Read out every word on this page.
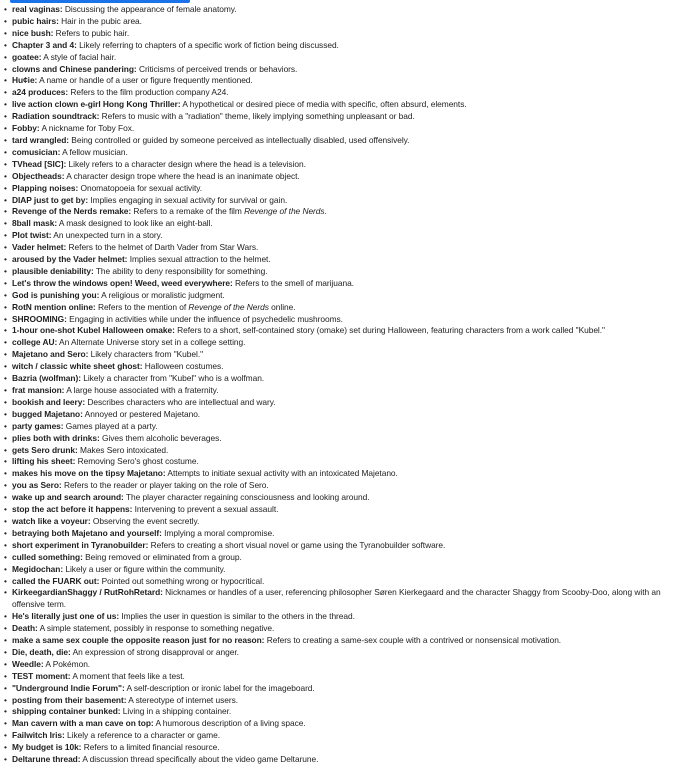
• real vaginas: Discussing the appearance of female anatomy.
• pubic hairs: Hair in the pubic area.
• nice bush: Refers to pubic hair.
• Chapter 3 and 4: Likely referring to chapters of a specific work of fiction being discussed.
• goatee: A style of facial hair.
• clowns and Chinese pandering: Criticisms of perceived trends or behaviors.
• Hu¢ie: A name or handle of a user or figure frequently mentioned.
• a24 produces: Refers to the film production company A24.
• live action clown e-girl Hong Kong Thriller: A hypothetical or desired piece of media with specific, often absurd, elements.
• Radiation soundtrack: Refers to music with a "radiation" theme, likely implying something unpleasant or bad.
• Fobby: A nickname for Toby Fox.
• tard wrangled: Being controlled or guided by someone perceived as intellectually disabled, used offensively.
• comusician: A fellow musician.
• TVhead [SIC]: Likely refers to a character design where the head is a television.
• Objectheads: A character design trope where the head is an inanimate object.
• Plapping noises: Onomatopoeia for sexual activity.
• DIAP just to get by: Implies engaging in sexual activity for survival or gain.
• Revenge of the Nerds remake: Refers to a remake of the film Revenge of the Nerds.
• 8ball mask: A mask designed to look like an eight-ball.
• Plot twist: An unexpected turn in a story.
• Vader helmet: Refers to the helmet of Darth Vader from Star Wars.
• aroused by the Vader helmet: Implies sexual attraction to the helmet.
• plausible deniability: The ability to deny responsibility for something.
• Let's throw the windows open! Weed, weed everywhere: Refers to the smell of marijuana.
• God is punishing you: A religious or moralistic judgment.
• RotN mention online: Refers to the mention of Revenge of the Nerds online.
• SHROOMING: Engaging in activities while under the influence of psychedelic mushrooms.
• 1-hour one-shot Kubel Halloween omake: Refers to a short, self-contained story (omake) set during Halloween, featuring characters from a work called "Kubel."
• college AU: An Alternate Universe story set in a college setting.
• Majetano and Sero: Likely characters from "Kubel."
• witch / classic white sheet ghost: Halloween costumes.
• Bazria (wolfman): Likely a character from "Kubel" who is a wolfman.
• frat mansion: A large house associated with a fraternity.
• bookish and leery: Describes characters who are intellectual and wary.
• bugged Majetano: Annoyed or pestered Majetano.
• party games: Games played at a party.
• plies both with drinks: Gives them alcoholic beverages.
• gets Sero drunk: Makes Sero intoxicated.
• lifting his sheet: Removing Sero's ghost costume.
• makes his move on the tipsy Majetano: Attempts to initiate sexual activity with an intoxicated Majetano.
• you as Sero: Refers to the reader or player taking on the role of Sero.
• wake up and search around: The player character regaining consciousness and looking around.
• stop the act before it happens: Intervening to prevent a sexual assault.
• watch like a voyeur: Observing the event secretly.
• betraying both Majetano and yourself: Implying a moral compromise.
• short experiment in Tyranobuilder: Refers to creating a short visual novel or game using the Tyranobuilder software.
• culled something: Being removed or eliminated from a group.
• Megidochan: Likely a user or figure within the community.
• called the FUARK out: Pointed out something wrong or hypocritical.
• KirkeegardianShaggy / RutRohRetard: Nicknames or handles of a user, referencing philosopher Søren Kierkegaard and the character Shaggy from Scooby-Doo, along with an offensive term.
• He's literally just one of us: Implies the user in question is similar to the others in the thread.
• Death: A simple statement, possibly in response to something negative.
• make a same sex couple the opposite reason just for no reason: Refers to creating a same-sex couple with a contrived or nonsensical motivation.
• Die, death, die: An expression of strong disapproval or anger.
• Weedle: A Pokémon.
• TEST moment: A moment that feels like a test.
• "Underground Indie Forum": A self-description or ironic label for the imageboard.
• posting from their basement: A stereotype of internet users.
• shipping container bunked: Living in a shipping container.
• Man cavern with a man cave on top: A humorous description of a living space.
• Failwitch Iris: Likely a reference to a character or game.
• My budget is 10k: Refers to a limited financial resource.
• Deltarune thread: A discussion thread specifically about the video game Deltarune.
